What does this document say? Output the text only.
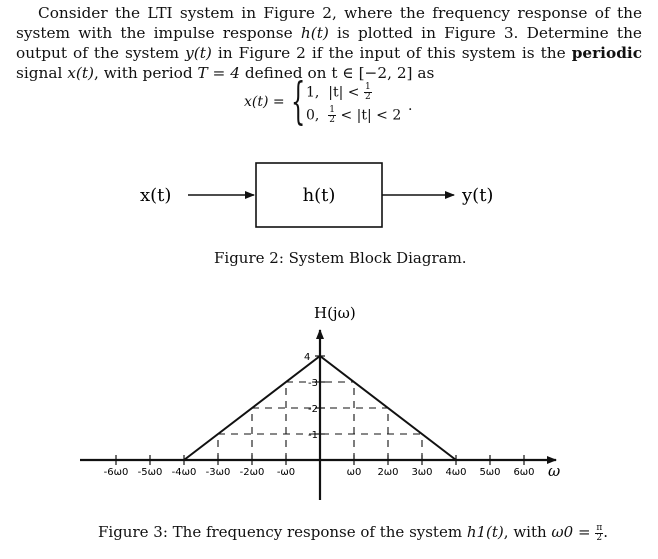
Consider the LTI system in Figure 2, where the frequency response of the system with the impulse response h(t) is plotted in Figure 3. Determine the output of the system y(t) in Figure 2 if the input of this system is the periodic signal x(t), with period T = 4 defined on t ∈ [−2, 2] as

x(t) = { 1, $|t| < \frac{1}{2}$
0, $\frac{1}{2} < |t| < 2$
.
x(t)	h(t)	y(t)
H(jω)
ω
-6ω0 -5ω0 -4ω0 -3ω0 -2ω0 -ω0	ω0 2ω0 3ω0 4ω0 5ω0 6ω0
-1
-2
-3
4
Figure 2: System Block Diagram.
Figure 3: The frequency response of the system h1(t), with $\omega 0 = \frac{\pi}{2}$ .
